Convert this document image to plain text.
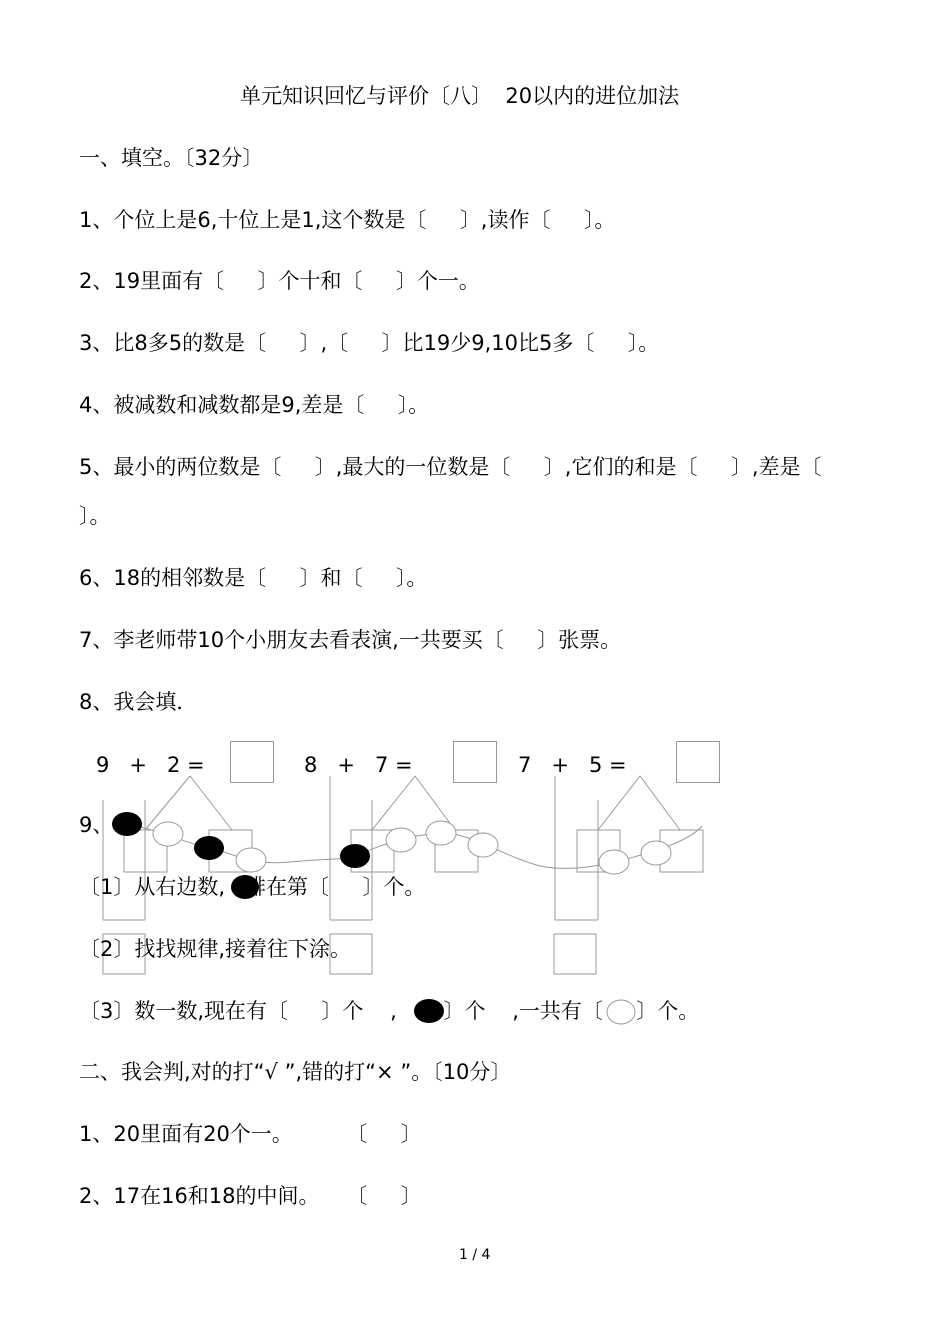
单元知识回忆与评价〔八〕  20以内的进位加法
一、填空。〔32分〕
1、个位上是6,十位上是1,这个数是〔     〕,读作〔     〕。
2、19里面有〔     〕个十和〔     〕个一。
3、比8多5的数是〔     〕,〔     〕比19少9,10比5多〔     〕。
4、被减数和减数都是9,差是〔     〕。
5、最小的两位数是〔     〕,最大的一位数是〔     〕,它们的和是〔     〕,差是〔
〕。
6、18的相邻数是〔     〕和〔     〕。
7、李老师带10个小朋友去看表演,一共要买〔     〕张票。
8、我会填．
9   +   2 =	8   +   7 =	7   +   5 =
9、
〔1〕从右边数,   排在第〔     〕个。
〔2〕找找规律,接着往下涂。
〔3〕数一数,现在有〔     〕个    ,       〕个    ,一共有〔     〕个。
二、我会判,对的打“√ ”,错的打“× ”。〔10分〕
1、20里面有20个一。        〔     〕
2、17在16和18的中间。    〔     〕
1 / 4
